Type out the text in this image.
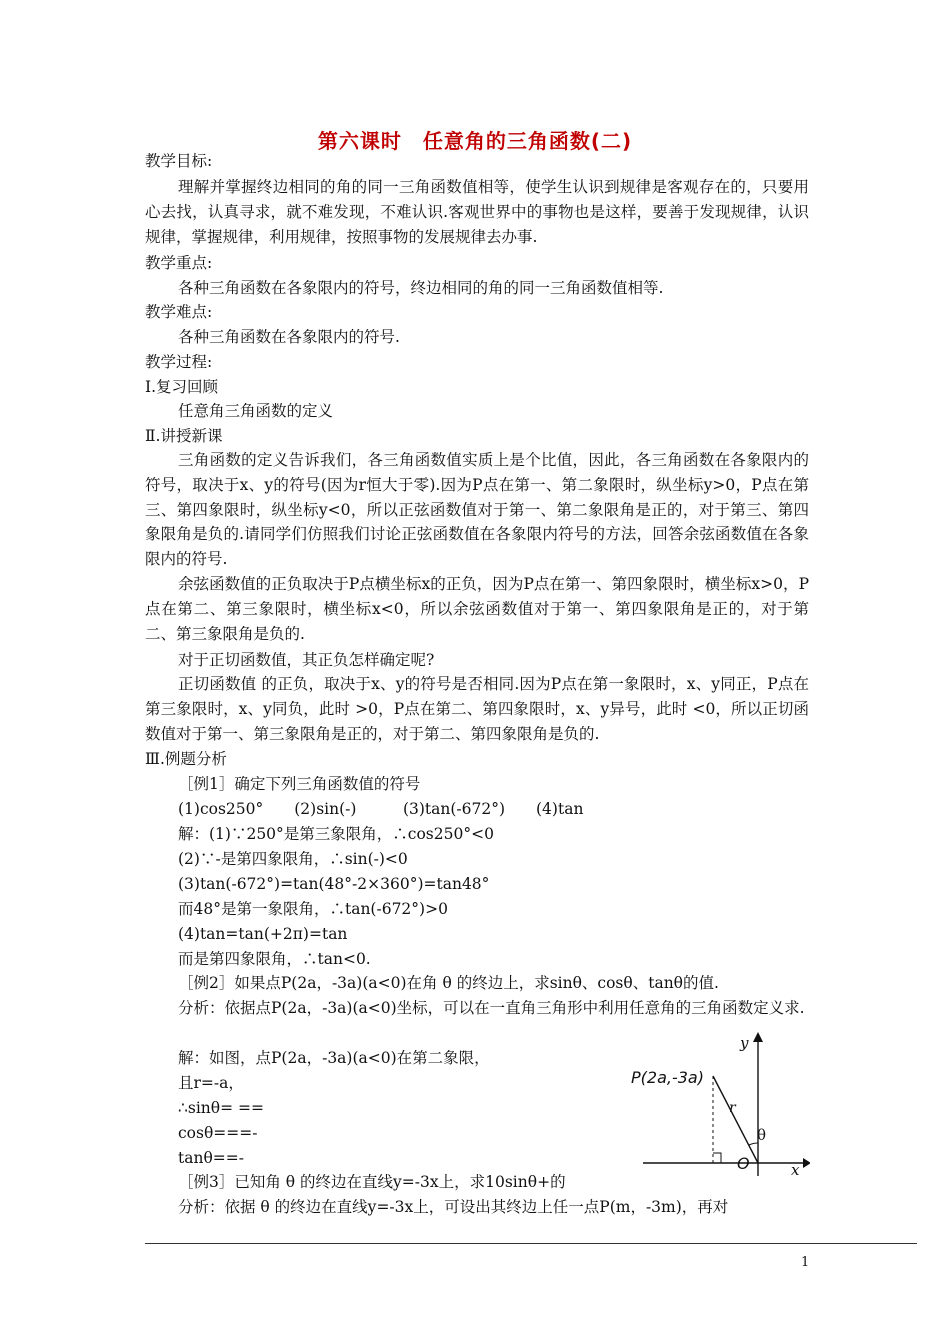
第六课时　任意角的三角函数(二)
教学目标:
理解并掌握终边相同的角的同一三角函数值相等，使学生认识到规律是客观存在的，只要用心去找，认真寻求，就不难发现，不难认识.客观世界中的事物也是这样，要善于发现规律，认识规律，掌握规律，利用规律，按照事物的发展规律去办事.
教学重点:
各种三角函数在各象限内的符号，终边相同的角的同一三角函数值相等.
教学难点:
各种三角函数在各象限内的符号.
教学过程:
Ⅰ.复习回顾
任意角三角函数的定义
Ⅱ.讲授新课
三角函数的定义告诉我们，各三角函数值实质上是个比值，因此，各三角函数在各象限内的符号，取决于x、y的符号(因为r恒大于零).因为P点在第一、第二象限时，纵坐标y>0，P点在第三、第四象限时，纵坐标y<0，所以正弦函数值对于第一、第二象限角是正的，对于第三、第四象限角是负的.请同学们仿照我们讨论正弦函数值在各象限内符号的方法，回答余弦函数值在各象限内的符号.
余弦函数值的正负取决于P点横坐标x的正负，因为P点在第一、第四象限时，横坐标x>0，P点在第二、第三象限时，横坐标x<0，所以余弦函数值对于第一、第四象限角是正的，对于第二、第三象限角是负的.
对于正切函数值，其正负怎样确定呢?
正切函数值 的正负，取决于x、y的符号是否相同.因为P点在第一象限时，x、y同正，P点在第三象限时，x、y同负，此时 >0，P点在第二、第四象限时，x、y异号，此时 <0，所以正切函数值对于第一、第三象限角是正的，对于第二、第四象限角是负的.
Ⅲ.例题分析
［例1］确定下列三角函数值的符号
(1)cos250°　　(2)sin(-)　　　(3)tan(-672°)　　(4)tan
解：(1)∵250°是第三象限角，∴cos250°<0
(2)∵-是第四象限角，∴sin(-)<0
(3)tan(-672°)=tan(48°-2×360°)=tan48°
而48°是第一象限角，∴tan(-672°)>0
(4)tan=tan(+2π)=tan
而是第四象限角，∴tan<0.
［例2］如果点P(2a，-3a)(a<0)在角 θ 的终边上，求sinθ、cosθ、tanθ的值.
分析：依据点P(2a，-3a)(a<0)坐标，可以在一直角三角形中利用任意角的三角函数定义求.
解：如图，点P(2a，-3a)(a<0)在第二象限，
且r=-a，
∴sinθ= ==
cosθ===-
tanθ==-
［例3］已知角 θ 的终边在直线y=-3x上，求10sinθ+的
分析：依据 θ 的终边在直线y=-3x上，可设出其终边上任一点P(m，-3m)，再对
P(2a,-3a)
r
θ
O	x
y
1
